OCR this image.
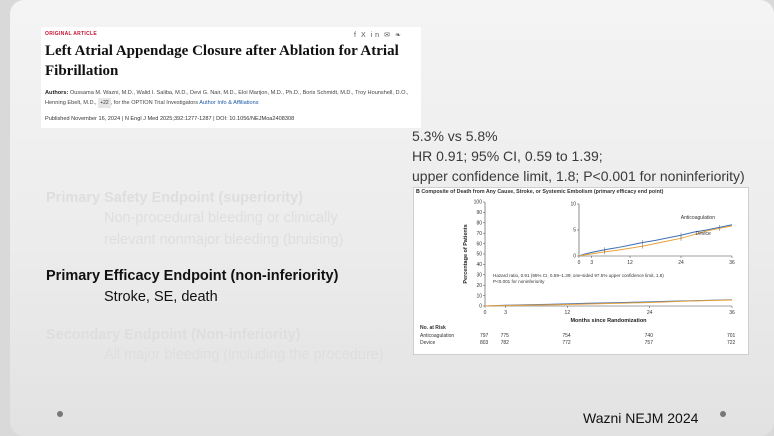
ORIGINAL ARTICLE	f X in ✉ ❧
Left Atrial Appendage Closure after Ablation for Atrial Fibrillation
Authors: Oussama M. Wazni, M.D., Walid I. Saliba, M.D., Devi G. Nair, M.D., Eloi Marijon, M.D., Ph.D., Boris Schmidt, M.D., Troy Hounshell, D.O., Henning Ebelt, M.D., +22 , for the OPTION Trial Investigators Author Info & Affiliations
Published November 16, 2024 | N Engl J Med 2025;392:1277-1287 | DOI: 10.1056/NEJMoa2408308
5.3% vs 5.8%
HR 0.91; 95% CI, 0.59 to 1.39;
upper confidence limit, 1.8; P<0.001 for noninferiority)
Primary Safety Endpoint (superiority)
Non-procedural bleeding or clinically
relevant nonmajor bleeding (bruising)
Primary Efficacy Endpoint (non-inferiority)
Stroke, SE, death
Secondary Endpoint (Non-inferiority)
All major bleeding (including the procedure)
0
10
20
30
40
50
60
70
80
90
100
0	3	12	24	36
Months since Randomization
Percentage of Patients	Hazard ratio, 0.91 (95% CI, 0.59–1.39; one-sided 97.5% upper confidence limit, 1.8)
P<0.001 for noninferiority
0
5
10
0 3	12	24	36
Anticoagulation
Device
B Composite of Death from Any Cause, Stroke, or Systemic Embolism (primary efficacy end point)
No. at Risk
Anticoagulation
Device
797 775	754	740	701
803 782	772	757	722
Wazni NEJM 2024
